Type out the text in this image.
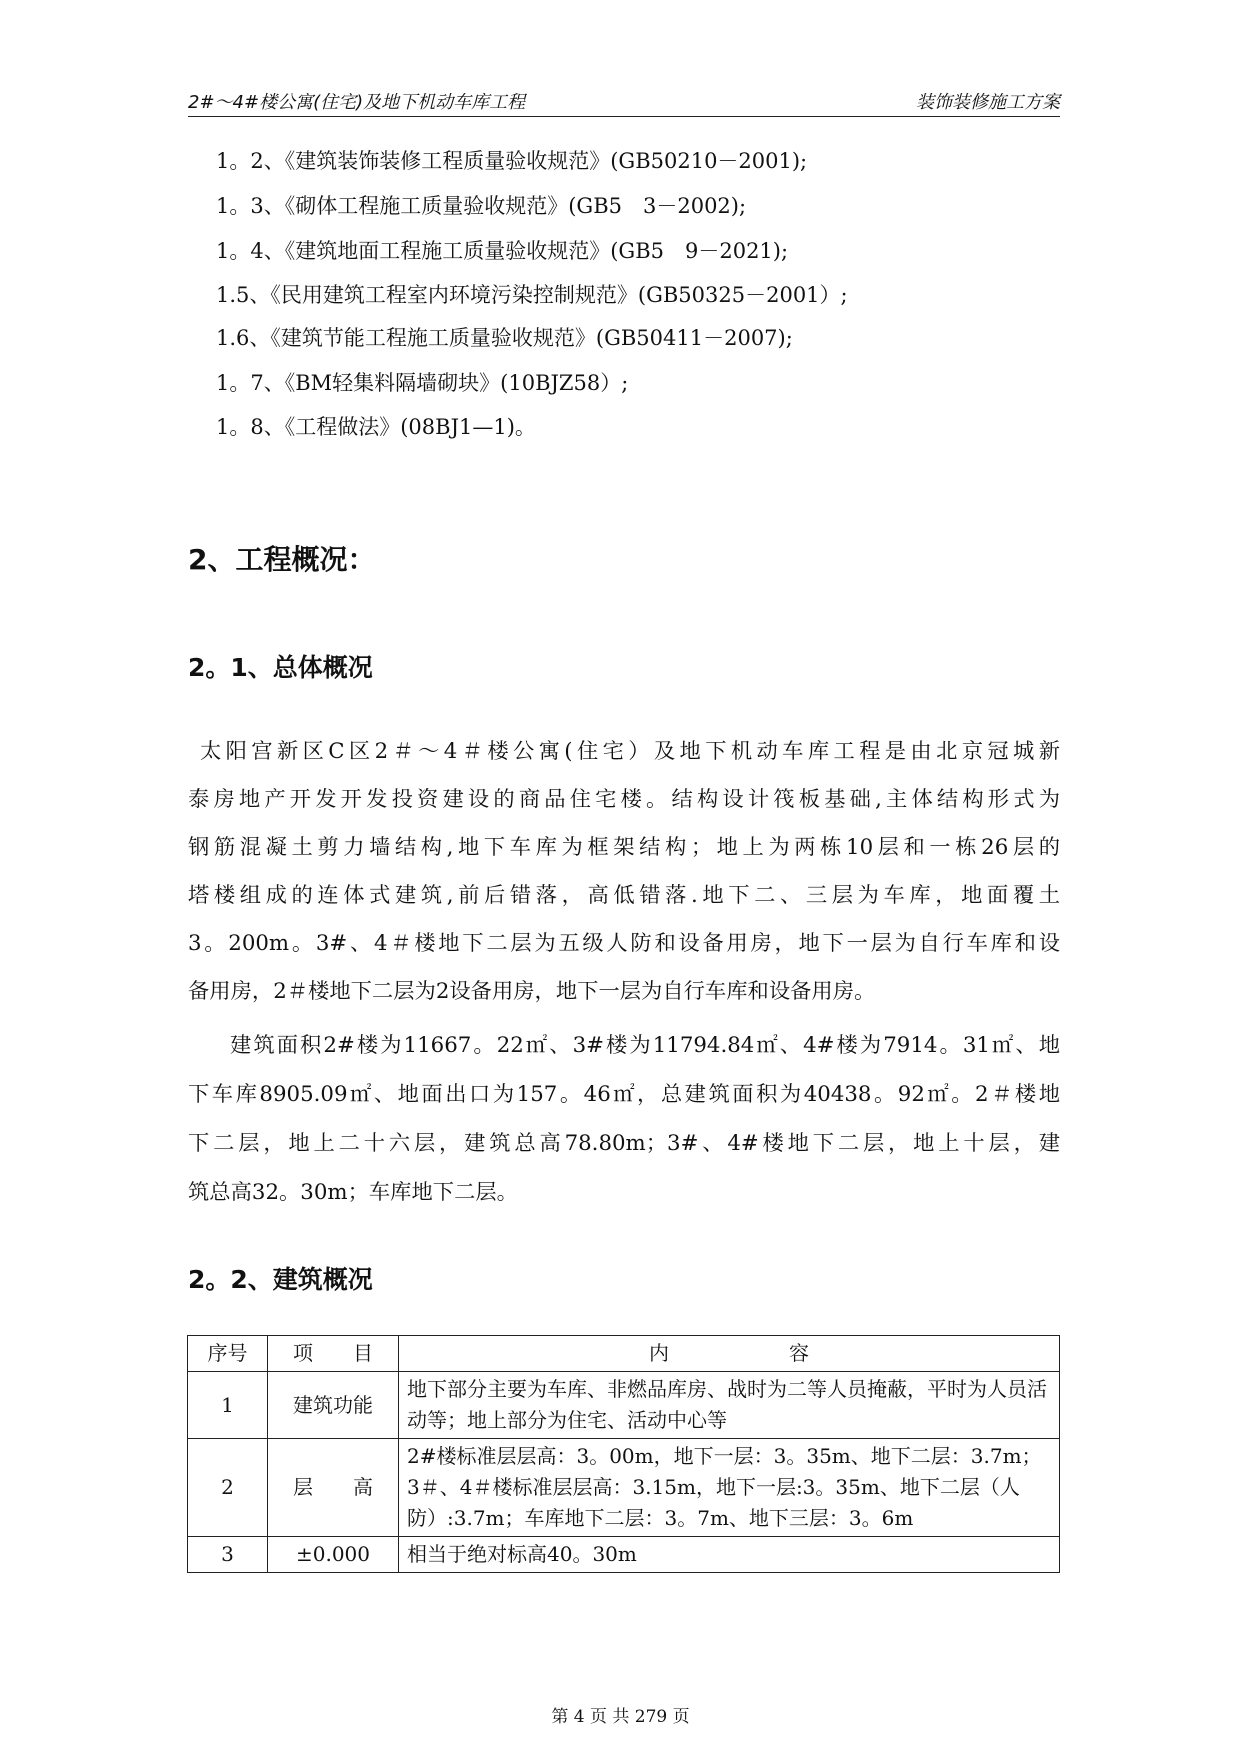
2#～4#楼公寓(住宅)及地下机动车库工程	装饰装修施工方案
1。2、《建筑装饰装修工程质量验收规范》(GB50210－2001);
1。3、《砌体工程施工质量验收规范》(GB5　3－2002);
1。4、《建筑地面工程施工质量验收规范》(GB5　9－2021);
1.5、《民用建筑工程室内环境污染控制规范》(GB50325－2001）;
1.6、《建筑节能工程施工质量验收规范》(GB50411－2007);
1。7、《BM轻集料隔墙砌块》(10BJZ58）;
1。8、《工程做法》(08BJ1—1)。
2、工程概况：
2。1、总体概况
太阳宫新区C区2＃～4＃楼公寓(住宅）及地下机动车库工程是由北京冠城新
泰房地产开发开发投资建设的商品住宅楼。结构设计筏板基础,主体结构形式为
钢筋混凝土剪力墙结构,地下车库为框架结构；地上为两栋10层和一栋26层的
塔楼组成的连体式建筑,前后错落，高低错落.地下二、三层为车库，地面覆土
3。200m。3#、4＃楼地下二层为五级人防和设备用房，地下一层为自行车库和设
备用房，2＃楼地下二层为2设备用房，地下一层为自行车库和设备用房。
建筑面积2#楼为11667。22㎡、3#楼为11794.84㎡、4#楼为7914。31㎡、地
下车库8905.09㎡、地面出口为157。46㎡，总建筑面积为40438。92㎡。2＃楼地
下二层，地上二十六层，建筑总高78.80m；3#、4#楼地下二层，地上十层，建
筑总高32。30m；车库地下二层。
2。2、建筑概况
序号	项　　目	内　　　　　　容
1	建筑功能	地下部分主要为车库、非燃品库房、战时为二等人员掩蔽，平时为人员活动等；地上部分为住宅、活动中心等
2	层　　高	2#楼标准层层高：3。00m，地下一层：3。35m、地下二层：3.7m；3＃、4＃楼标准层层高：3.15m，地下一层:3。35m、地下二层（人防）:3.7m；车库地下二层：3。7m、地下三层：3。6m
3	±0.000	相当于绝对标高40。30m
第 4 页 共 279 页
